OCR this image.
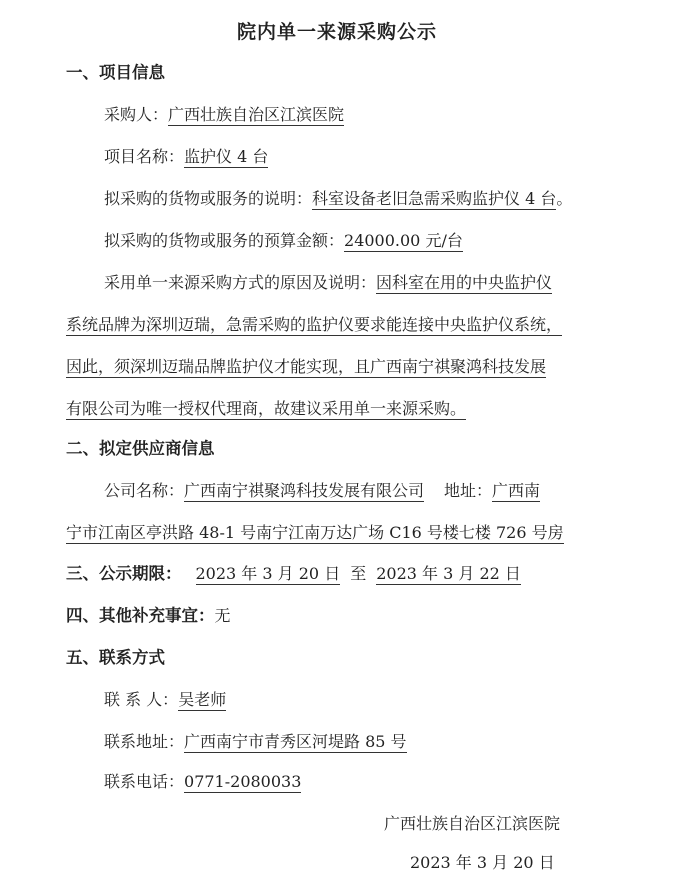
院内单一来源采购公示
一、项目信息
采购人：广西壮族自治区江滨医院
项目名称：监护仪 4 台
拟采购的货物或服务的说明：科室设备老旧急需采购监护仪 4 台。
拟采购的货物或服务的预算金额：24000.00 元/台
采用单一来源采购方式的原因及说明：因科室在用的中央监护仪
系统品牌为深圳迈瑞，急需采购的监护仪要求能连接中央监护仪系统，
因此，须深圳迈瑞品牌监护仪才能实现，且广西南宁祺聚鸿科技发展
有限公司为唯一授权代理商，故建议采用单一来源采购。
二、拟定供应商信息
公司名称：广西南宁祺聚鸿科技发展有限公司 地址：广西南
宁市江南区亭洪路 48-1 号南宁江南万达广场 C16 号楼七楼 726 号房
三、公示期限： 2023 年 3 月 20 日 至 2023 年 3 月 22 日
四、其他补充事宜：无
五、联系方式
联 系 人：吴老师
联系地址：广西南宁市青秀区河堤路 85 号
联系电话：0771-2080033
广西壮族自治区江滨医院
2023 年 3 月 20 日
